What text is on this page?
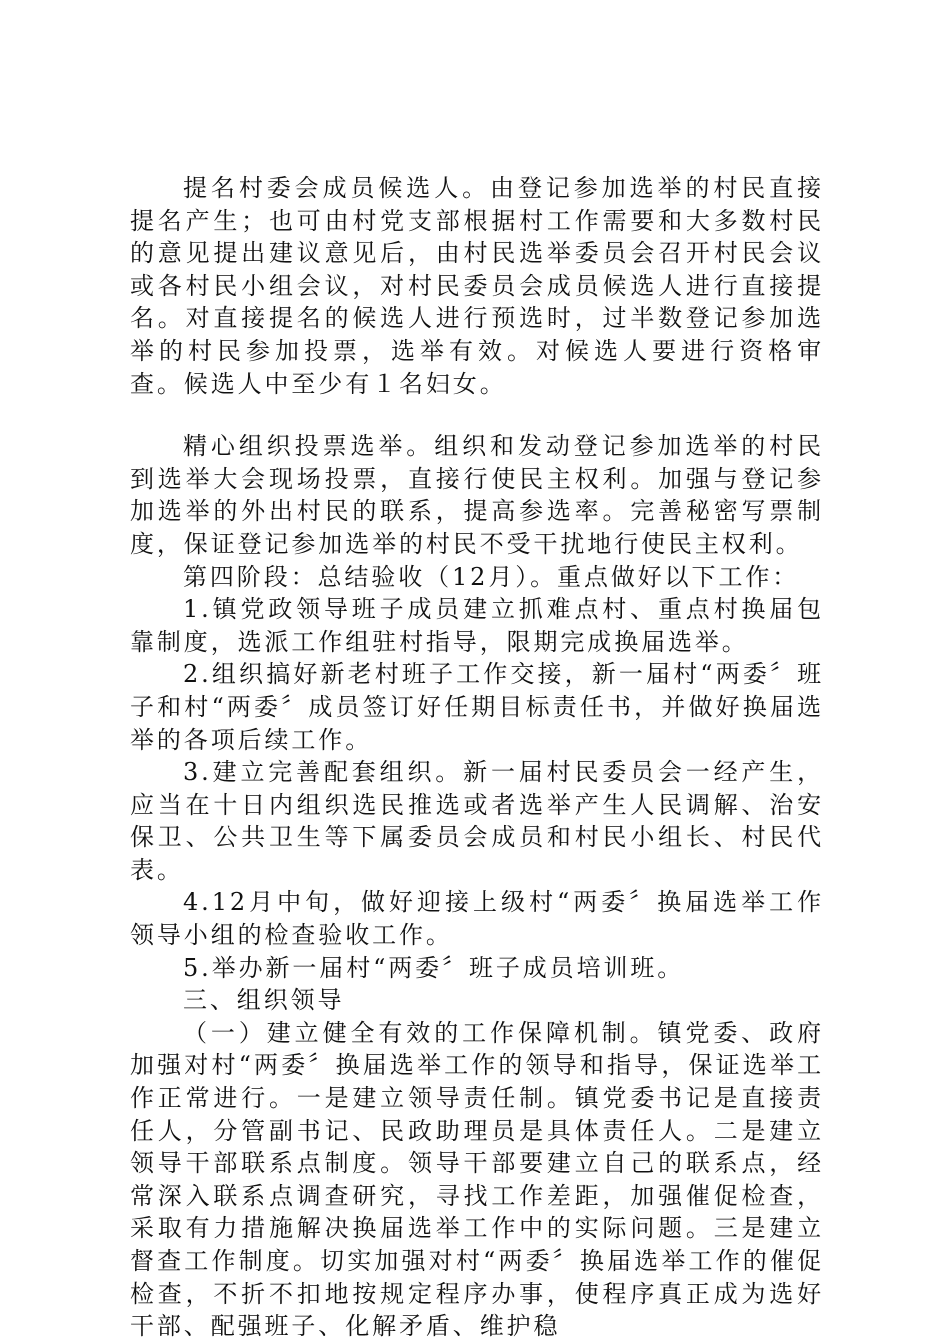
提名村委会成员候选人。由登记参加选举的村民直接提名产生；也可由村党支部根据村工作需要和大多数村民的意见提出建议意见后，由村民选举委员会召开村民会议或各村民小组会议，对村民委员会成员候选人进行直接提名。对直接提名的候选人进行预选时，过半数登记参加选举的村民参加投票，选举有效。对候选人要进行资格审查。候选人中至少有１名妇女。

精心组织投票选举。组织和发动登记参加选举的村民到选举大会现场投票，直接行使民主权利。加强与登记参加选举的外出村民的联系，提高参选率。完善秘密写票制度，保证登记参加选举的村民不受干扰地行使民主权利。

第四阶段：总结验收（12月）。重点做好以下工作：

1.镇党政领导班子成员建立抓难点村、重点村换届包靠制度，选派工作组驻村指导，限期完成换届选举。

2.组织搞好新老村班子工作交接，新一届村“两委〞班子和村“两委〞成员签订好任期目标责任书，并做好换届选举的各项后续工作。

3.建立完善配套组织。新一届村民委员会一经产生，应当在十日内组织选民推选或者选举产生人民调解、治安保卫、公共卫生等下属委员会成员和村民小组长、村民代表。

4.12月中旬，做好迎接上级村“两委〞换届选举工作领导小组的检查验收工作。

5.举办新一届村“两委〞班子成员培训班。

三、组织领导

（一）建立健全有效的工作保障机制。镇党委、政府加强对村“两委〞换届选举工作的领导和指导，保证选举工作正常进行。一是建立领导责任制。镇党委书记是直接责任人，分管副书记、民政助理员是具体责任人。二是建立领导干部联系点制度。领导干部要建立自己的联系点，经常深入联系点调查研究，寻找工作差距，加强催促检查，采取有力措施解决换届选举工作中的实际问题。三是建立督查工作制度。切实加强对村“两委〞换届选举工作的催促检查，不折不扣地按规定程序办事，使程序真正成为选好干部、配强班子、化解矛盾、维护稳
